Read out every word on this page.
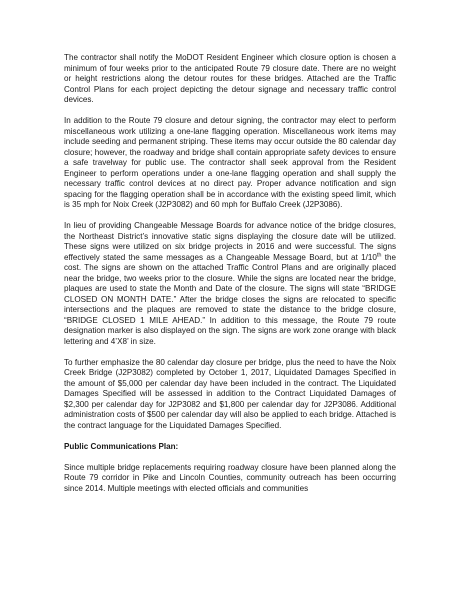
The contractor shall notify the MoDOT Resident Engineer which closure option is chosen a minimum of four weeks prior to the anticipated Route 79 closure date. There are no weight or height restrictions along the detour routes for these bridges. Attached are the Traffic Control Plans for each project depicting the detour signage and necessary traffic control devices.

In addition to the Route 79 closure and detour signing, the contractor may elect to perform miscellaneous work utilizing a one-lane flagging operation. Miscellaneous work items may include seeding and permanent striping. These items may occur outside the 80 calendar day closure; however, the roadway and bridge shall contain appropriate safety devices to ensure a safe travelway for public use. The contractor shall seek approval from the Resident Engineer to perform operations under a one-lane flagging operation and shall supply the necessary traffic control devices at no direct pay. Proper advance notification and sign spacing for the flagging operation shall be in accordance with the existing speed limit, which is 35 mph for Noix Creek (J2P3082) and 60 mph for Buffalo Creek (J2P3086).

In lieu of providing Changeable Message Boards for advance notice of the bridge closures, the Northeast District’s innovative static signs displaying the closure date will be utilized. These signs were utilized on six bridge projects in 2016 and were successful. The signs effectively stated the same messages as a Changeable Message Board, but at 1/10th the cost. The signs are shown on the attached Traffic Control Plans and are originally placed near the bridge, two weeks prior to the closure. While the signs are located near the bridge, plaques are used to state the Month and Date of the closure. The signs will state “BRIDGE CLOSED ON MONTH DATE.” After the bridge closes the signs are relocated to specific intersections and the plaques are removed to state the distance to the bridge closure, “BRIDGE CLOSED 1 MILE AHEAD.” In addition to this message, the Route 79 route designation marker is also displayed on the sign. The signs are work zone orange with black lettering and 4’X8’ in size.

To further emphasize the 80 calendar day closure per bridge, plus the need to have the Noix Creek Bridge (J2P3082) completed by October 1, 2017, Liquidated Damages Specified in the amount of $5,000 per calendar day have been included in the contract. The Liquidated Damages Specified will be assessed in addition to the Contract Liquidated Damages of $2,300 per calendar day for J2P3082 and $1,800 per calendar day for J2P3086. Additional administration costs of $500 per calendar day will also be applied to each bridge. Attached is the contract language for the Liquidated Damages Specified.

Public Communications Plan:

Since multiple bridge replacements requiring roadway closure have been planned along the Route 79 corridor in Pike and Lincoln Counties, community outreach has been occurring since 2014. Multiple meetings with elected officials and communities
